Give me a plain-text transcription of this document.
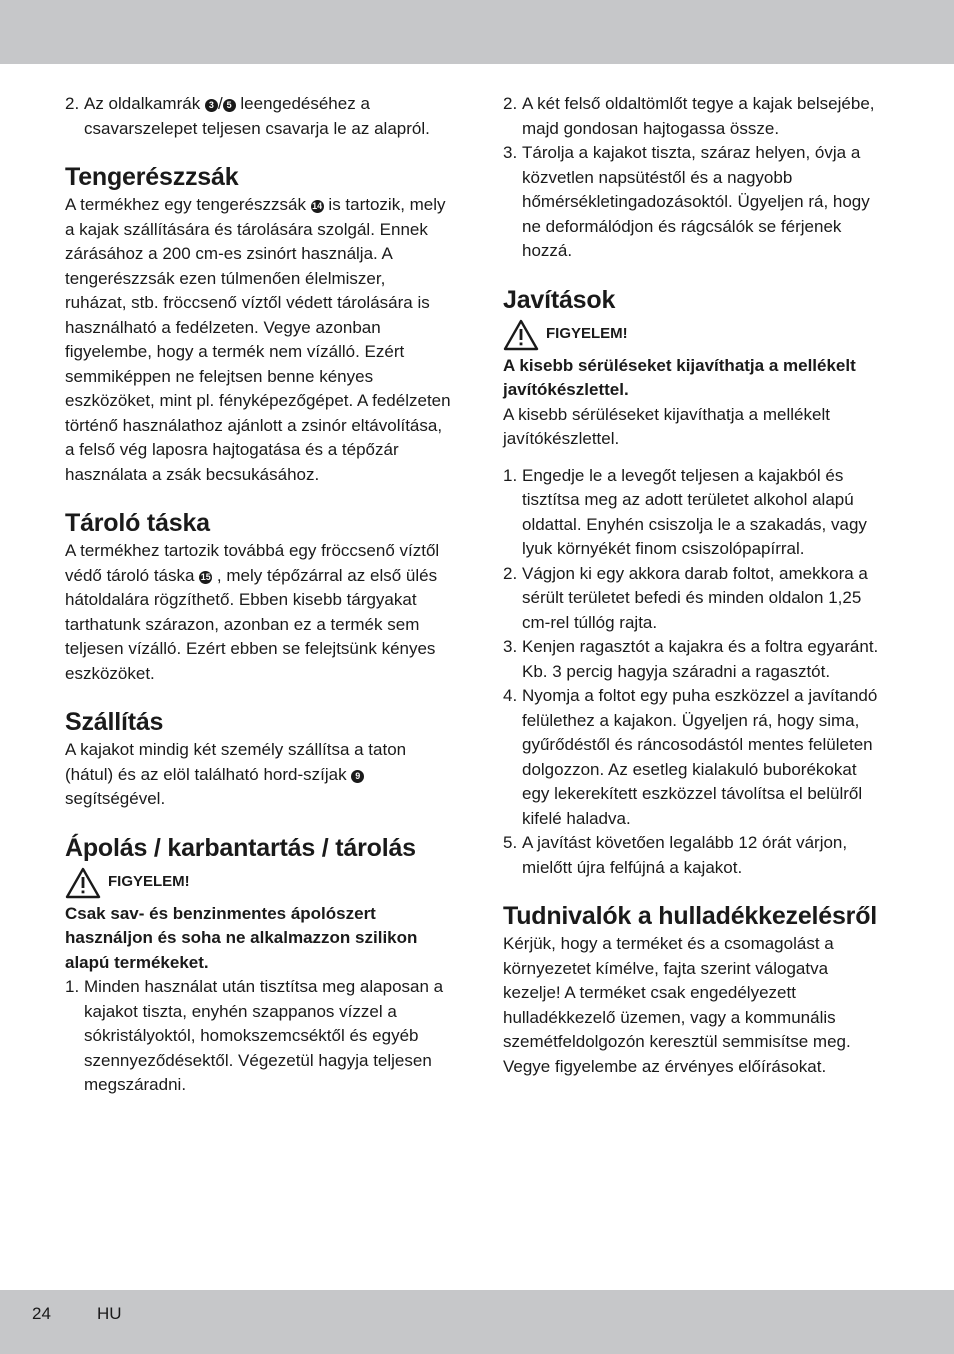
2. Az oldalkamrák 3 / 5 leengedéséhez a csavarszelepet teljesen csavarja le az alapról.
Tengerészzsák

A termékhez egy tengerészzsák 14 is tartozik, mely a kajak szállítására és tárolására szolgál. Ennek zárásához a 200 cm-es zsinórt használja. A tengerészzsák ezen túlmenően élelmiszer, ruházat, stb. fröccsenő víztől védett tárolására is használható a fedélzeten. Vegye azonban figyelembe, hogy a termék nem vízálló. Ezért semmiképpen ne felejtsen benne kényes eszközöket, mint pl. fényképezőgépet. A fedélzeten történő használathoz ajánlott a zsinór eltávolítása, a felső vég laposra hajtogatása és a tépőzár használata a zsák becsukásához.

Tároló táska

A termékhez tartozik továbbá egy fröccsenő víztől védő tároló táska 15 , mely tépőzárral az első ülés hátoldalára rögzíthető. Ebben kisebb tárgyakat tarthatunk szárazon, azonban ez a termék sem teljesen vízálló. Ezért ebben se felejtsünk kényes eszközöket.

Szállítás

A kajakot mindig két személy szállítsa a taton (hátul) és az elöl található hord-szíjak 9 segítségével.

Ápolás / karbantartás / tárolás
FIGYELEM!

Csak sav- és benzinmentes ápolószert használjon és soha ne alkalmazzon szilikon alapú termékeket.

1. Minden használat után tisztítsa meg alaposan a kajakot tiszta, enyhén szappanos vízzel a sókristályoktól, homokszemcséktől és egyéb szennyeződésektől. Végezetül hagyja teljesen megszáradni.
2. A két felső oldaltömlőt tegye a kajak belsejébe, majd gondosan hajtogassa össze.
3. Tárolja a kajakot tiszta, száraz helyen, óvja a közvetlen napsütéstől és a nagyobb hőmérsékletingadozásoktól. Ügyeljen rá, hogy ne deformálódjon és rágcsálók se férjenek hozzá.
Javítások
FIGYELEM!

A kisebb sérüléseket kijavíthatja a mellékelt javítókészlettel.

A kisebb sérüléseket kijavíthatja a mellékelt javítókészlettel.

1. Engedje le a levegőt teljesen a kajakból és tisztítsa meg az adott területet alkohol alapú oldattal. Enyhén csiszolja le a szakadás, vagy lyuk környékét finom csiszolópapírral.
2. Vágjon ki egy akkora darab foltot, amekkora a sérült területet befedi és minden oldalon 1,25 cm-rel túllóg rajta.
3. Kenjen ragasztót a kajakra és a foltra egyaránt. Kb. 3 percig hagyja száradni a ragasztót.
4. Nyomja a foltot egy puha eszközzel a javítandó felülethez a kajakon. Ügyeljen rá, hogy sima, gyűrődéstől és ráncosodástól mentes felületen dolgozzon. Az esetleg kialakuló buborékokat egy lekerekített eszközzel távolítsa el belülről kifelé haladva.
5. A javítást követően legalább 12 órát várjon, mielőtt újra felfújná a kajakot.
Tudnivalók a hulladékkezelésről

Kérjük, hogy a terméket és a csomagolást a környezetet kímélve, fajta szerint válogatva kezelje! A terméket csak engedélyezett hulladékkezelő üzemen, vagy a kommunális szemétfeldolgozón keresztül semmisítse meg. Vegye figyelembe az érvényes előírásokat.

24	HU
